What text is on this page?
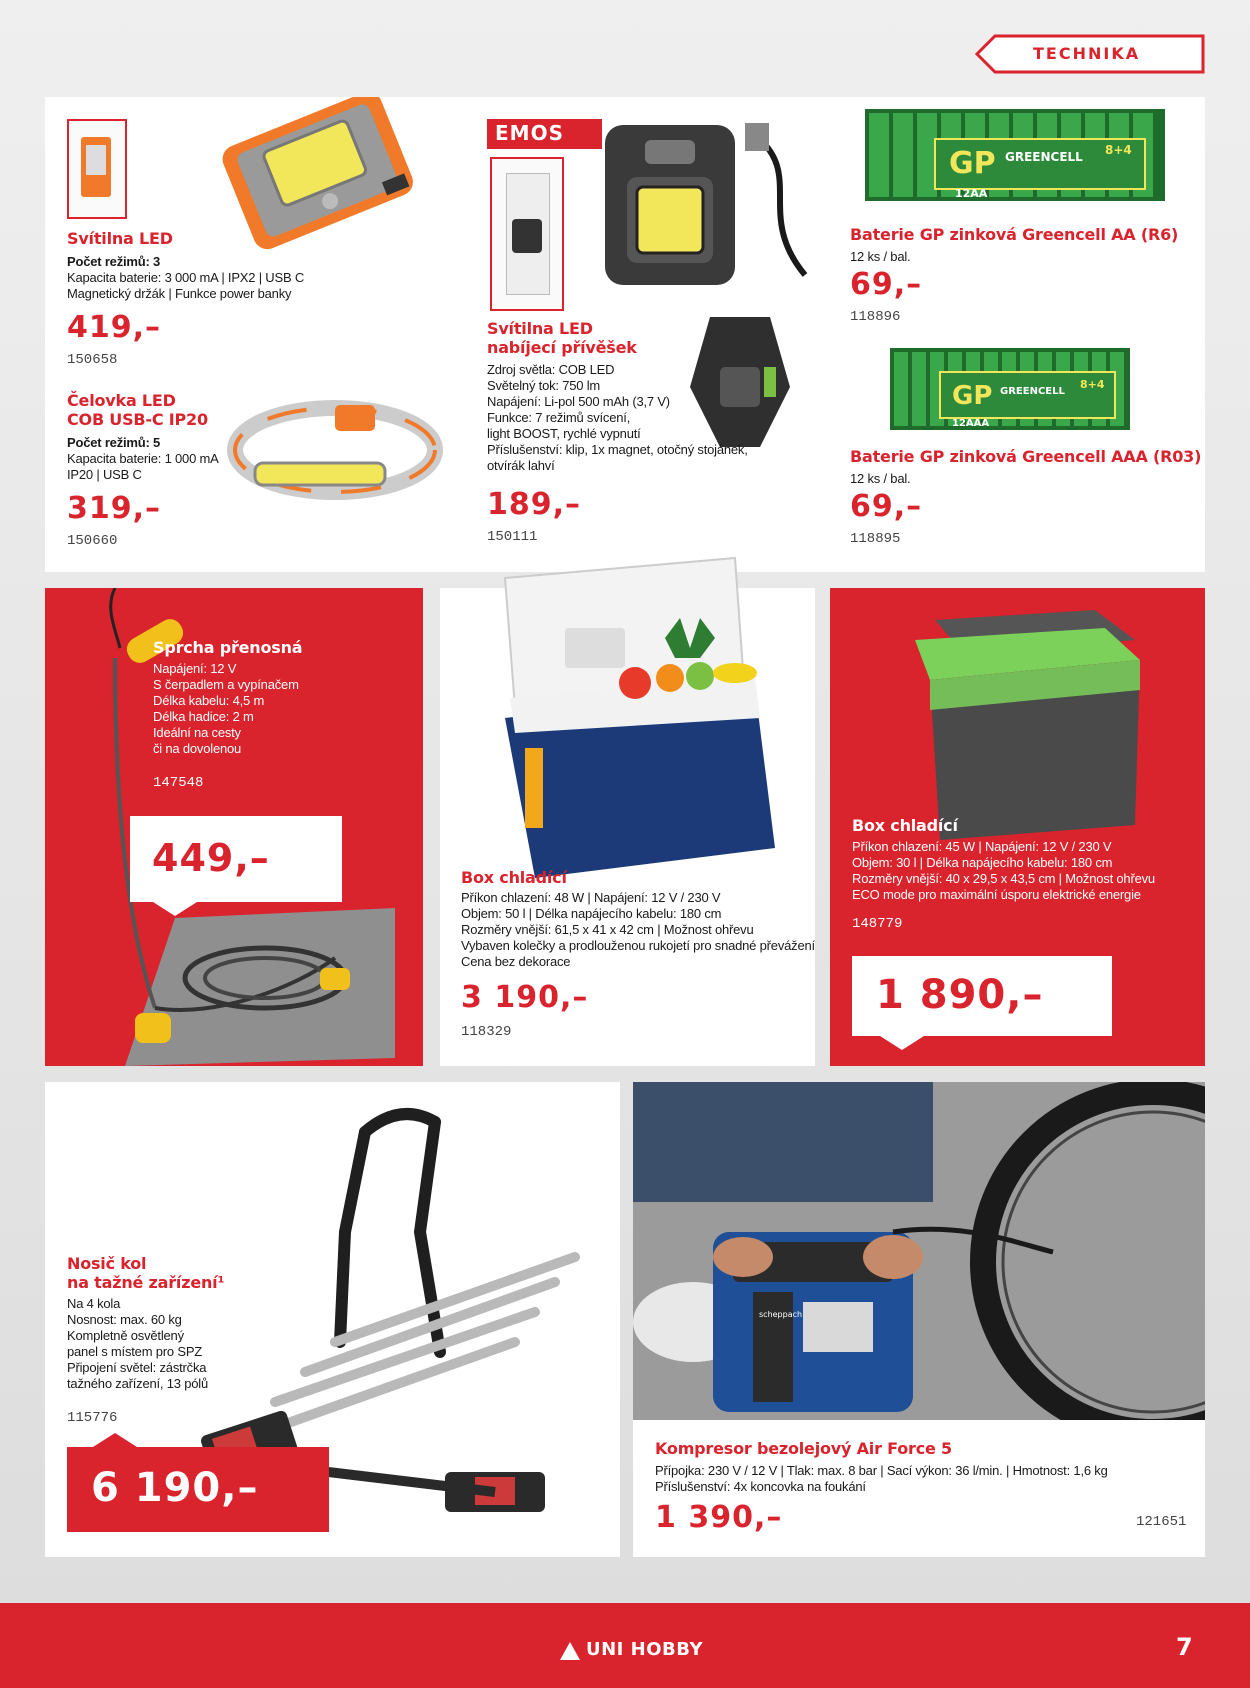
TECHNIKA
Svítilna LED
Počet režimů: 3
Kapacita baterie: 3 000 mA | IPX2 | USB C
Magnetický držák | Funkce power banky
419,–
150658
Čelovka LED
COB USB-C IP20
Počet režimů: 5
Kapacita baterie: 1 000 mA
IP20 | USB C
319,–
150660
EMOS
Svítilna LED
nabíjecí přívěšek
Zdroj světla: COB LED
Světelný tok: 750 lm
Napájení: Li-pol 500 mAh (3,7 V)
Funkce: 7 režimů svícení,
light BOOST, rychlé vypnutí
Příslušenství: klip, 1x magnet, otočný stojánek,
otvírák lahví
189,–
150111
GP GREENCELL 8+4
12AA
Baterie GP zinková Greencell AA (R6)
12 ks / bal.
69,–
118896
GP GREENCELL
8+4
12AAA
Baterie GP zinková Greencell AAA (R03)
12 ks / bal.
69,–
118895
Sprcha přenosná
Napájení: 12 V
S čerpadlem a vypínačem
Délka kabelu: 4,5 m
Délka hadice: 2 m
Ideální na cesty
či na dovolenou
147548
449,–	Box chladící
Příkon chlazení: 48 W | Napájení: 12 V / 230 V
Objem: 50 l | Délka napájecího kabelu: 180 cm
Rozměry vnější: 61,5 x 41 x 42 cm | Možnost ohřevu
Vybaven kolečky a prodlouženou rukojetí pro snadné převážení
Cena bez dekorace
3 190,–
118329
Box chladící
Příkon chlazení: 45 W | Napájení: 12 V / 230 V
Objem: 30 l | Délka napájecího kabelu: 180 cm
Rozměry vnější: 40 x 29,5 x 43,5 cm | Možnost ohřevu
ECO mode pro maximální úsporu elektrické energie
148779
1 890,–
Nosič kol
na tažné zařízení¹
Na 4 kola
Nosnost: max. 60 kg
Kompletně osvětlený
panel s místem pro SPZ
Připojení světel: zástrčka
tažného zařízení, 13 pólů
115776
6 190,–
scheppach
Kompresor bezolejový Air Force 5
Přípojka: 230 V / 12 V | Tlak: max. 8 bar | Sací výkon: 36 l/min. | Hmotnost: 1,6 kg
Příslušenství: 4x koncovka na foukání
1 390,–	121651
UNI HOBBY	7
